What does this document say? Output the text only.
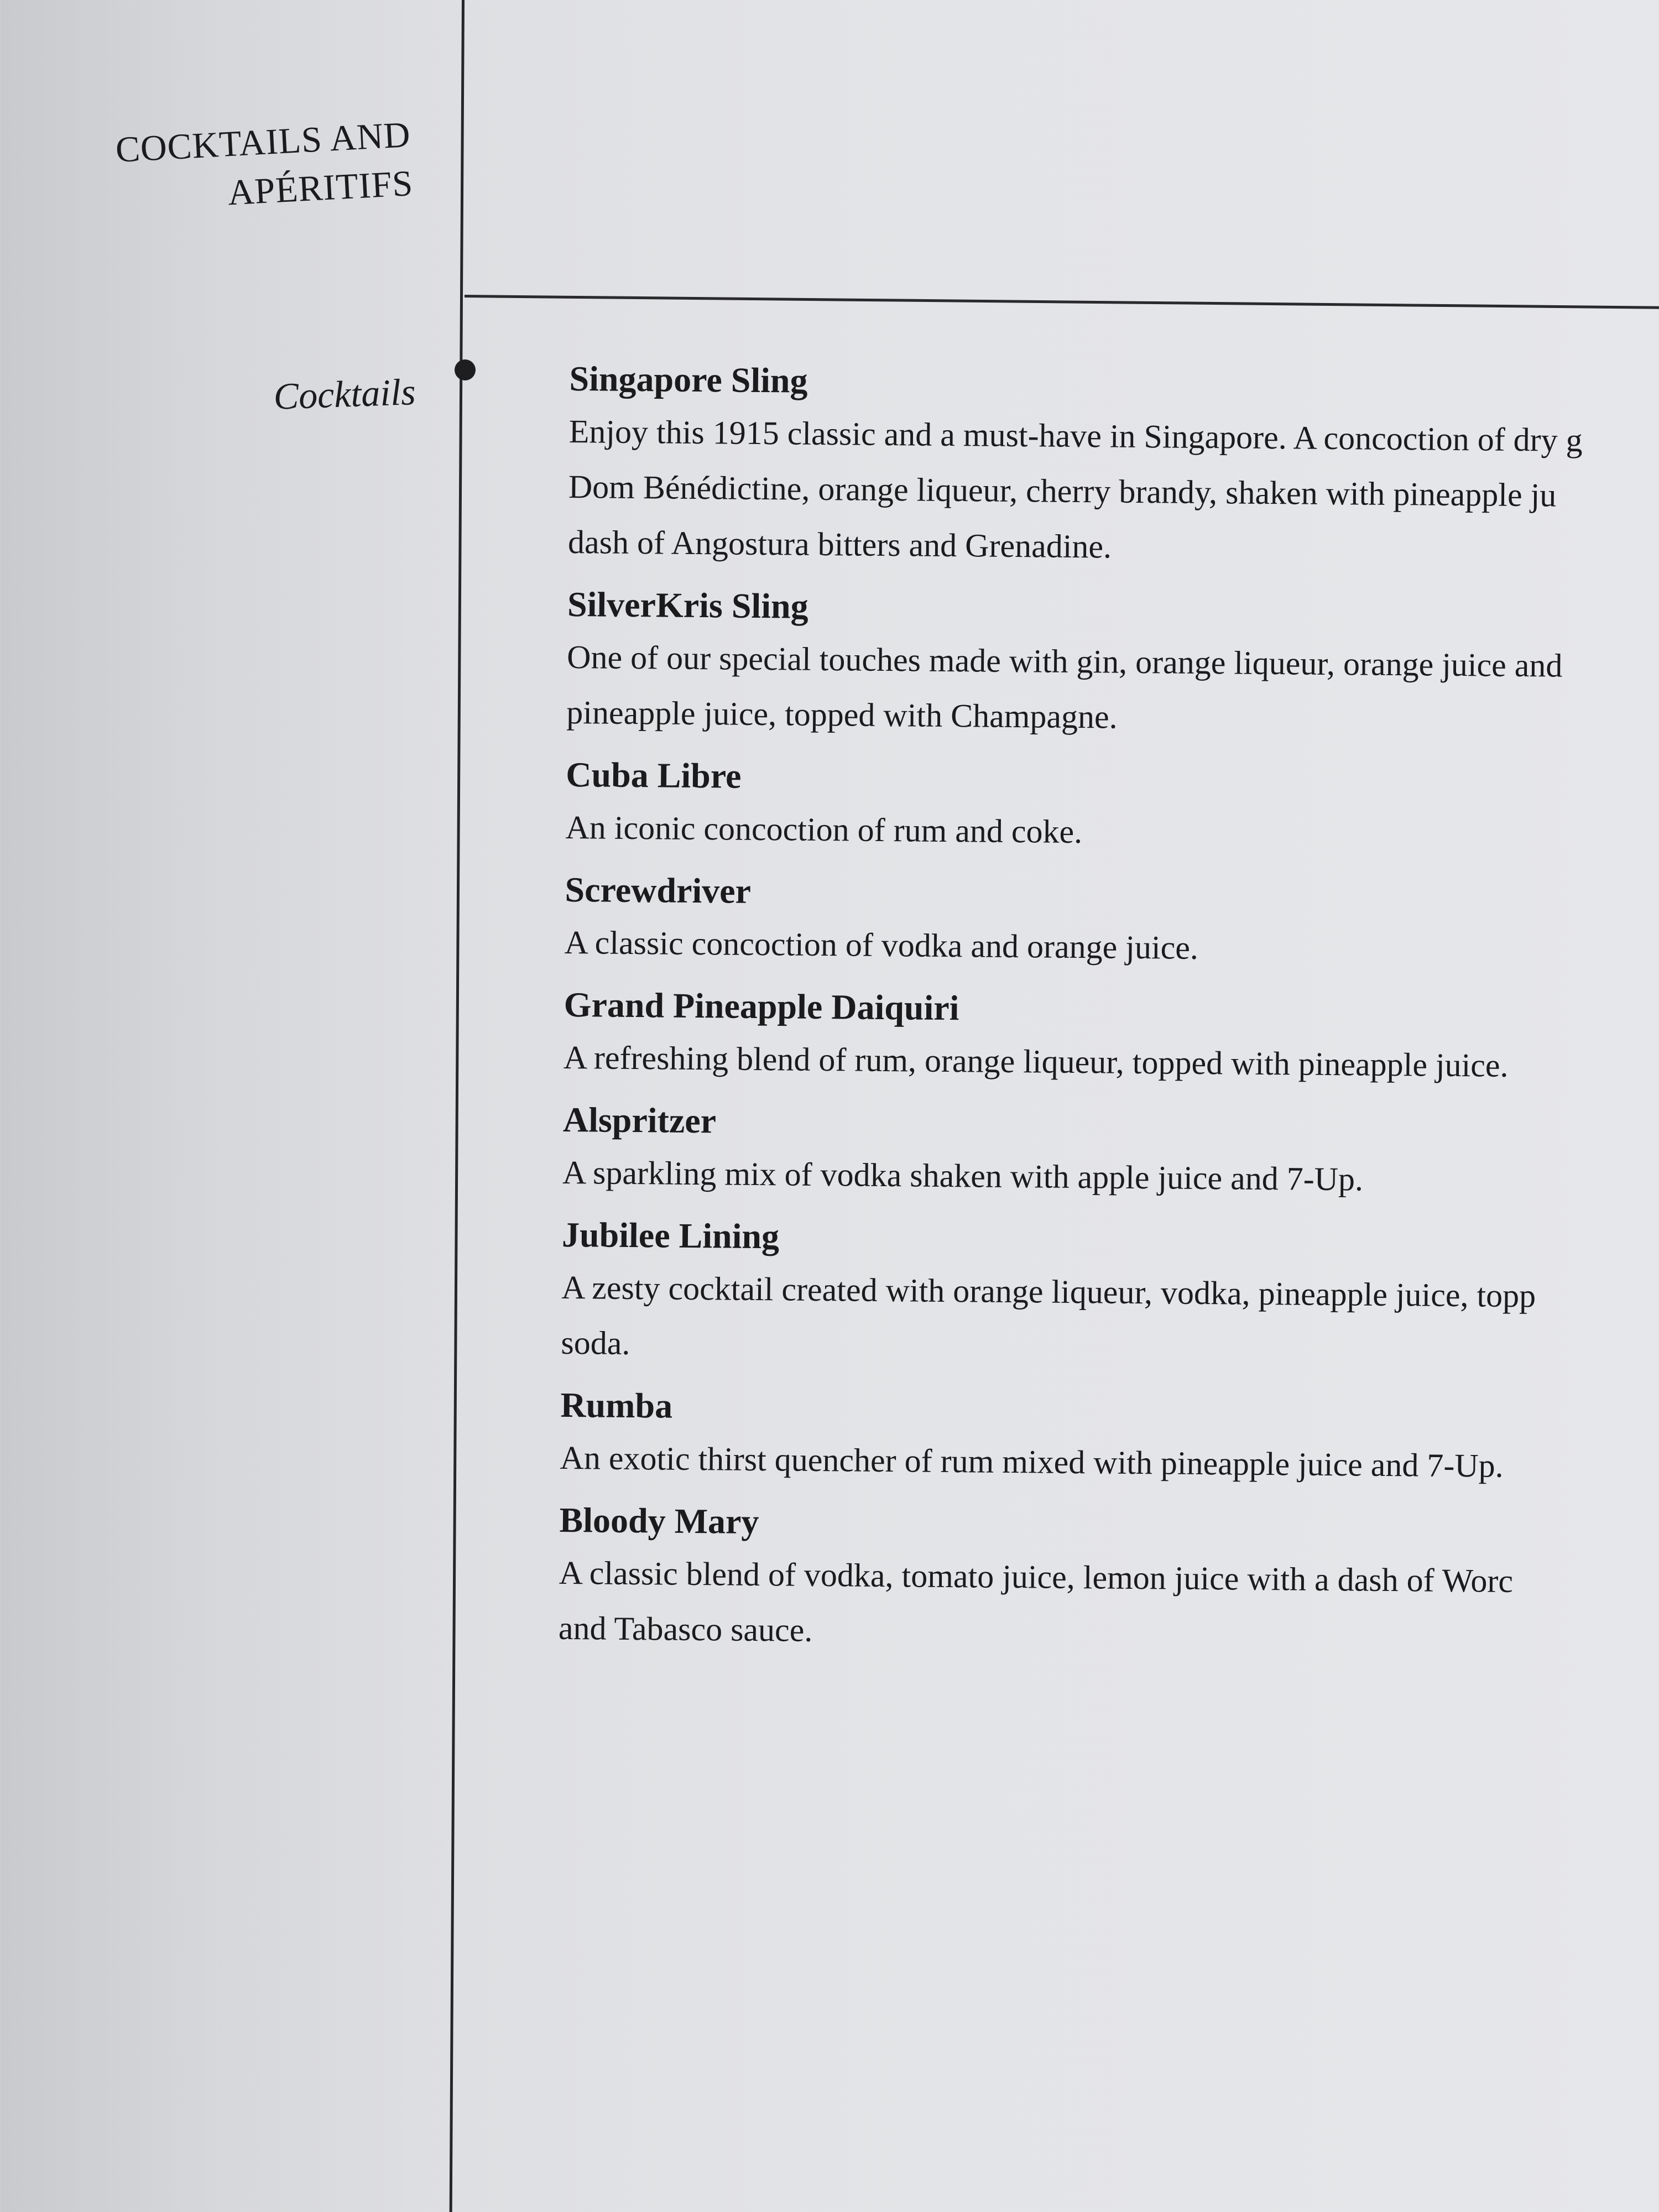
COCKTAILS AND
APÉRITIFS
Cocktails	Singapore Sling
Enjoy this 1915 classic and a must-have in Singapore. A concoction of dry g
Dom Bénédictine, orange liqueur, cherry brandy, shaken with pineapple ju
dash of Angostura bitters and Grenadine.
SilverKris Sling
One of our special touches made with gin, orange liqueur, orange juice and
pineapple juice, topped with Champagne.
Cuba Libre
An iconic concoction of rum and coke.
Screwdriver
A classic concoction of vodka and orange juice.
Grand Pineapple Daiquiri
A refreshing blend of rum, orange liqueur, topped with pineapple juice.
Alspritzer
A sparkling mix of vodka shaken with apple juice and 7-Up.
Jubilee Lining
A zesty cocktail created with orange liqueur, vodka, pineapple juice, topp
soda.
Rumba
An exotic thirst quencher of rum mixed with pineapple juice and 7-Up.
Bloody Mary
A classic blend of vodka, tomato juice, lemon juice with a dash of Worc
and Tabasco sauce.
